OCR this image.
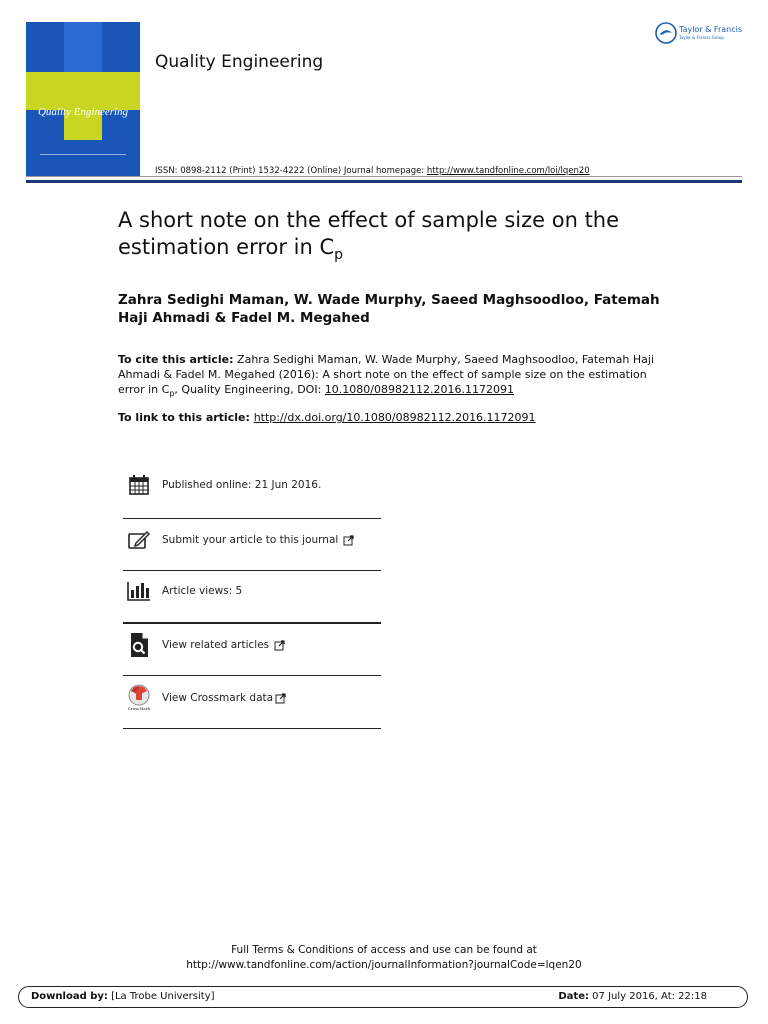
Quality Engineering
Quality Engineering
Taylor & Francis
Taylor & Francis Group
ISSN: 0898-2112 (Print) 1532-4222 (Online) Journal homepage: http://www.tandfonline.com/loi/lqen20
A short note on the effect of sample size on the estimation error in $C_p$
Zahra Sedighi Maman, W. Wade Murphy, Saeed Maghsoodloo, Fatemah Haji Ahmadi & Fadel M. Megahed
To cite this article: Zahra Sedighi Maman, W. Wade Murphy, Saeed Maghsoodloo, Fatemah Haji Ahmadi & Fadel M. Megahed (2016): A short note on the effect of sample size on the estimation error in $C_p$, Quality Engineering, DOI: 10.1080/08982112.2016.1172091
To link to this article: http://dx.doi.org/10.1080/08982112.2016.1172091
Published online: 21 Jun 2016.
Submit your article to this journal
Article views: 5
View related articles
CrossMark
View Crossmark data
Full Terms & Conditions of access and use can be found at
http://www.tandfonline.com/action/journalInformation?journalCode=lqen20
Download by: [La Trobe University]	Date: 07 July 2016, At: 22:18
